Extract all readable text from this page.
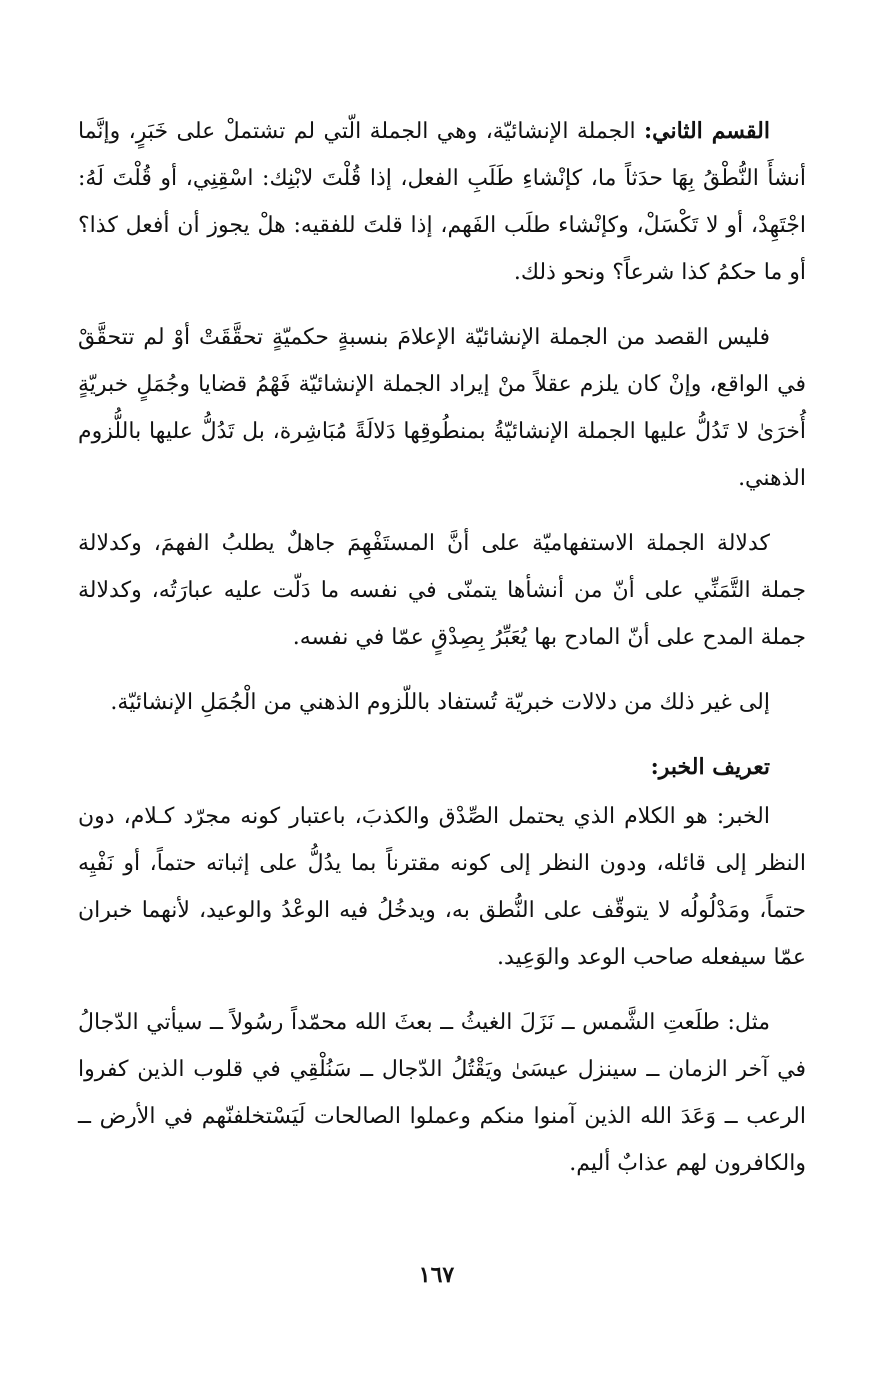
القسم الثاني: الجملة الإنشائيّة، وهي الجملة الّتي لم تشتملْ على خَبَرٍ، وإنَّما أنشأَ النُّطْقُ بِهَا حدَثاً ما، كإنْشاءِ طَلَبِ الفعل، إذا قُلْتَ لابْنِك: اسْقِنِي، أو قُلْتَ لَهُ: اجْتَهِدْ، أو لا تَكْسَلْ، وكإنْشاء طلَب الفَهم، إذا قلتَ للفقيه: هلْ يجوز أن أفعل كذا؟ أو ما حكمُ كذا شرعاً؟ ونحو ذلك.

فليس القصد من الجملة الإنشائيّة الإعلامَ بنسبةٍ حكميّةٍ تحقَّقَتْ أوْ لم تتحقَّقْ في الواقع، وإنْ كان يلزم عقلاً منْ إيراد الجملة الإنشائيّة فَهْمُ قضايا وجُمَلٍ خبريّةٍ أُخرَىٰ لا تَدُلُّ عليها الجملة الإنشائيّةُ بمنطُوقِها دَلالَةً مُبَاشِرة، بل تَدُلُّ عليها باللُّزوم الذهني.

كدلالة الجملة الاستفهاميّة على أنَّ المستَفْهِمَ جاهلٌ يطلبُ الفهمَ، وكدلالة جملة التَّمَنِّي على أنّ من أنشأها يتمنّى في نفسه ما دَلّت عليه عبارَتُه، وكدلالة جملة المدح على أنّ المادح بها يُعَبِّرُ بِصِدْقٍ عمّا في نفسه.

إلى غير ذلك من دلالات خبريّة تُستفاد باللّزوم الذهني من الْجُمَلِ الإنشائيّة.

تعريف الخبر:

الخبر: هو الكلام الذي يحتمل الصِّدْق والكذبَ، باعتبار كونه مجرّد كـلام، دون النظر إلى قائله، ودون النظر إلى كونه مقترناً بما يدُلُّ على إثباته حتماً، أو نَفْيِه حتماً، ومَدْلُولُه لا يتوقّف على النُّطق به، ويدخُلُ فيه الوعْدُ والوعيد، لأنهما خبران عمّا سيفعله صاحب الوعد والوَعِيد.

مثل: طلَعتِ الشَّمس ــ نَزَلَ الغيثُ ــ بعثَ الله محمّداً رسُولاً ــ سيأتي الدّجالُ في آخر الزمان ــ سينزل عيسَىٰ ويَقْتُلُ الدّجال ــ سَنُلْقِي في قلوب الذين كفروا الرعب ــ وَعَدَ الله الذين آمنوا منكم وعملوا الصالحات لَيَسْتخلفنّهم في الأرض ــ والكافرون لهم عذابٌ أليم.

١٦٧
